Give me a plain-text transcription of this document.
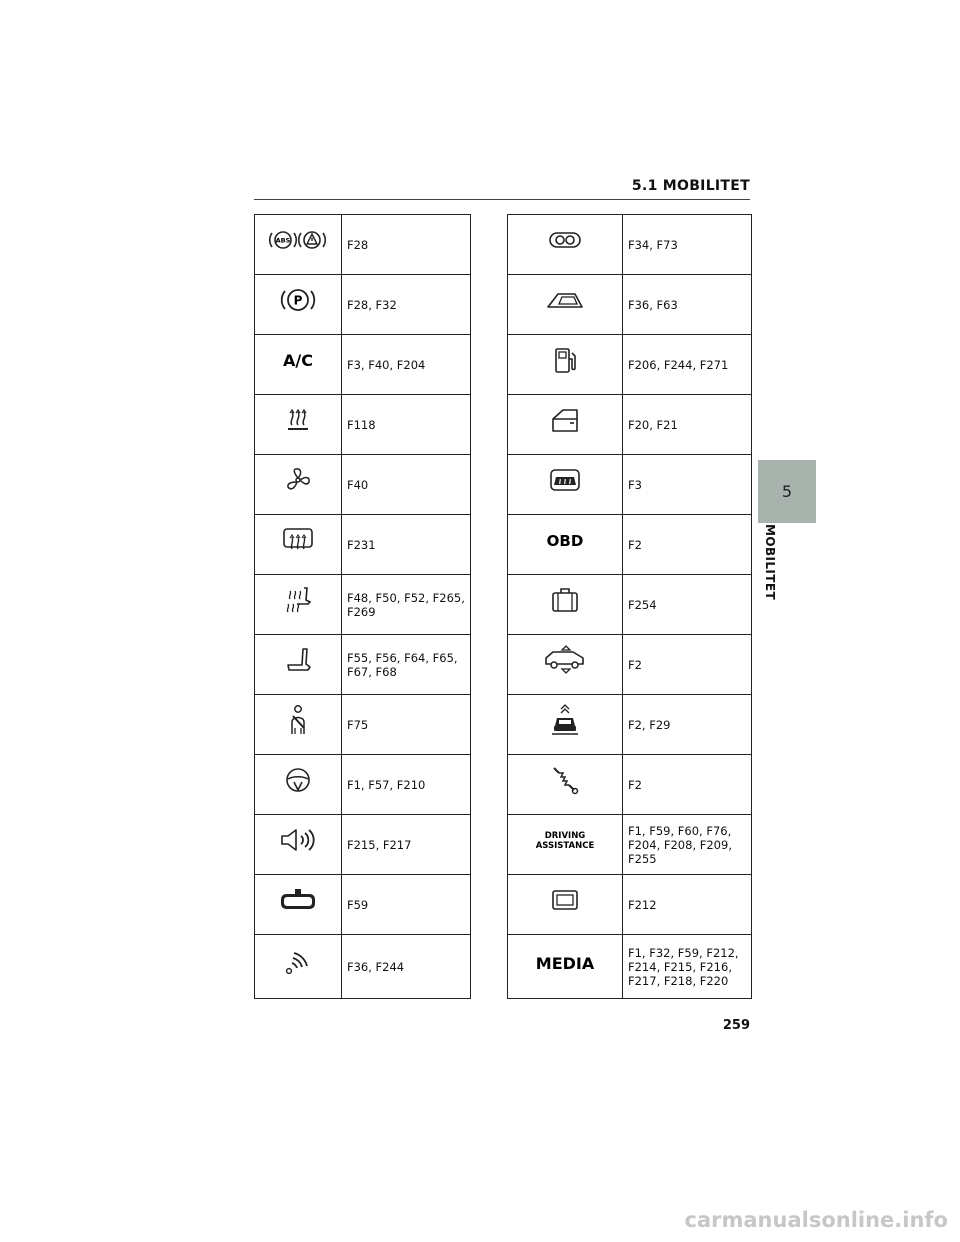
5.1 MOBILITET
ABS	F28

P	F28, F32

A/C	F3, F40, F204

	F118

	F40

	F231

	F48, F50, F52, F265, F269

	F55, F56, F64, F65, F67, F68

	F75

	F1, F57, F210

	F215, F217

	F59

	F36, F244
	F34, F73

	F36, F63

	F206, F244, F271

	F20, F21

	F3

OBD	F2

	F254

	F2

	F2, F29

	F2

DRIVING
ASSISTANCE	F1, F59, F60, F76, F204, F208, F209, F255

	F212

MEDIA	F1, F32, F59, F212, F214, F215, F216, F217, F218, F220
5
MOBILITET
259
carmanualsonline.info
